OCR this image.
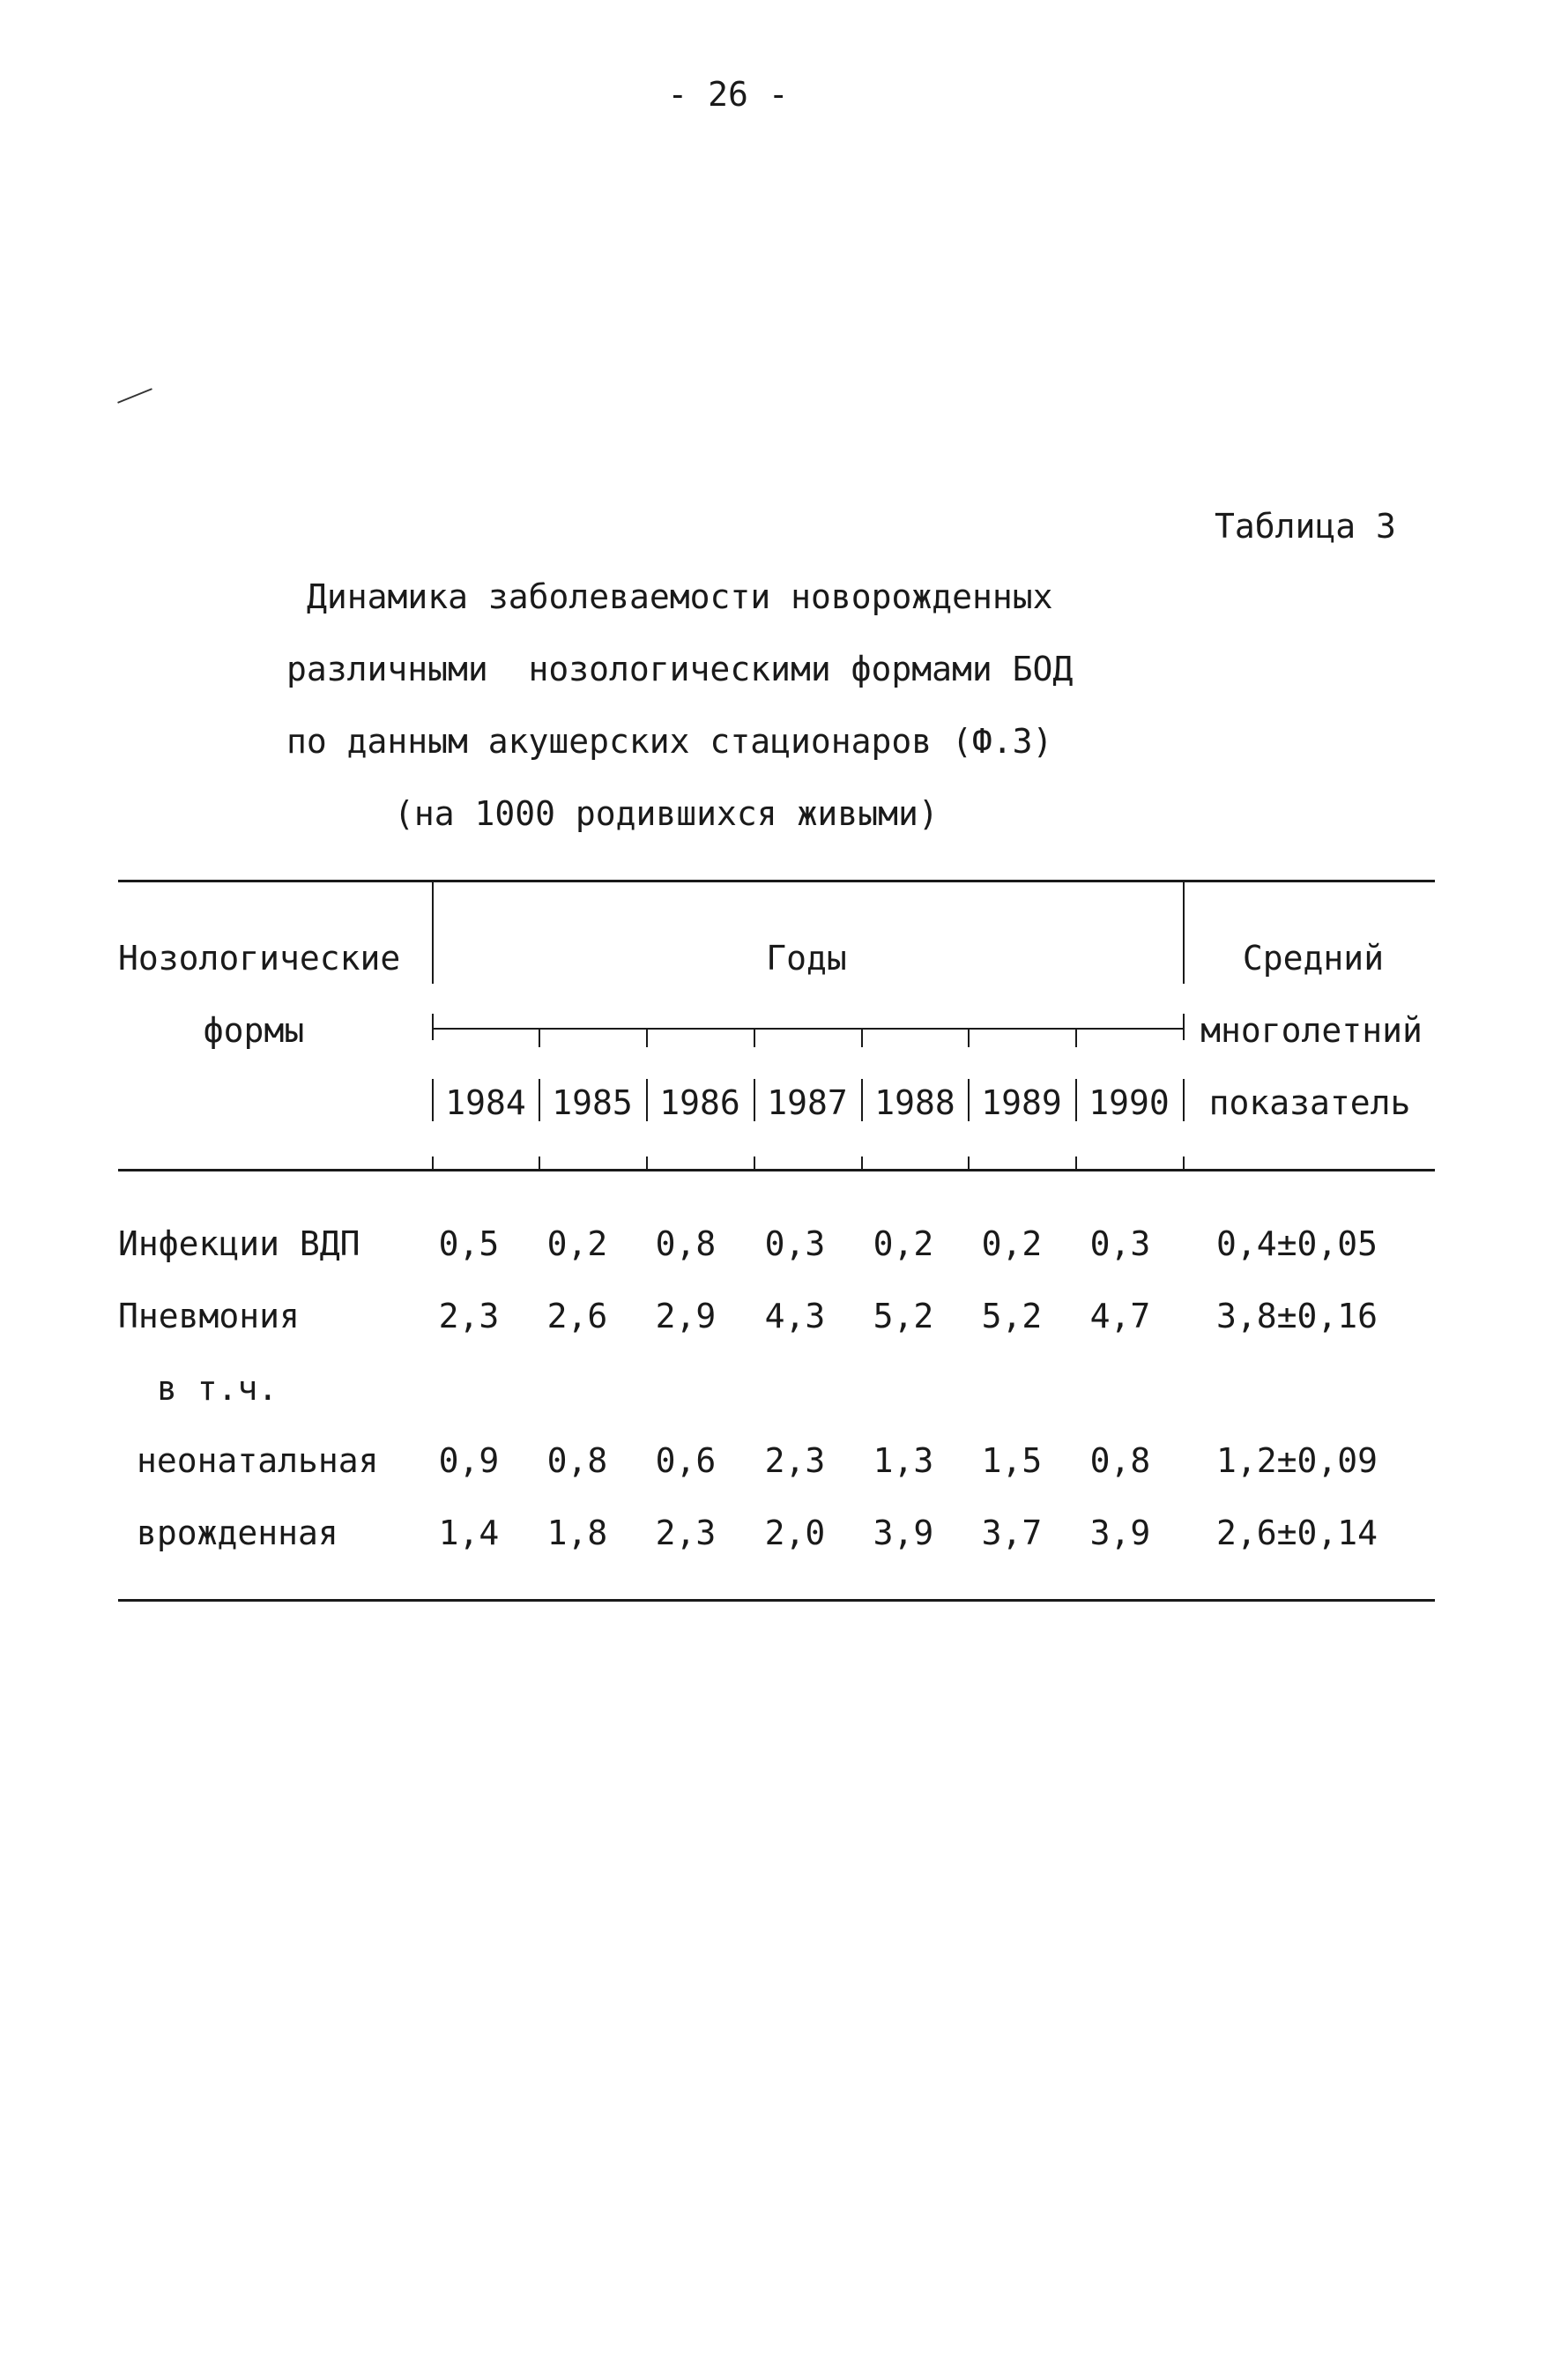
- 26 -
Таблица 3
Динамика заболеваемости новорожденных
различными  нозологическими формами БОД
по данным акушерских стационаров (Ф.3)
(на 1000 родившихся живыми)
Нозологические
формы
Годы	Средний
многолетний
показатель
1984 1985 1986 1987 1988 1989 1990
Инфекции ВДП 0,5 0,2 0,8 0,3 0,2 0,2 0,3 0,4±0,05
Пневмония	2,3 2,6 2,9 4,3 5,2 5,2 4,7 3,8±0,16
в т.ч.
неонатальная 0,9 0,8 0,6 2,3 1,3 1,5 0,8 1,2±0,09
врожденная	1,4 1,8 2,3 2,0 3,9 3,7 3,9 2,6±0,14
